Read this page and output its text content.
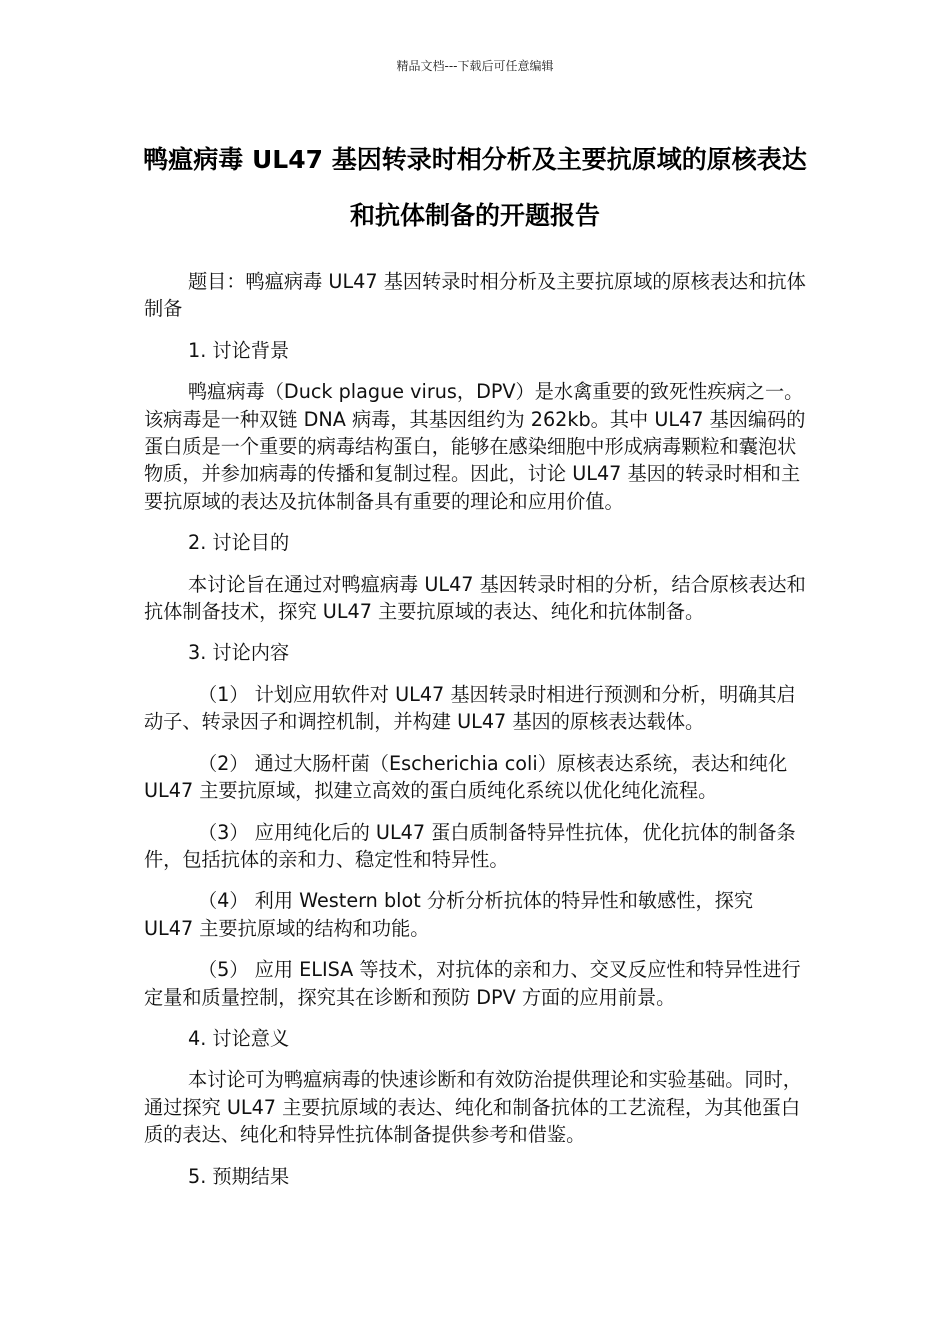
精品文档---下载后可任意编辑
鸭瘟病毒 UL47 基因转录时相分析及主要抗原域的原核表达和抗体制备的开题报告

题目：鸭瘟病毒 UL47 基因转录时相分析及主要抗原域的原核表达和抗体制备

1. 讨论背景

鸭瘟病毒（Duck plague virus，DPV）是水禽重要的致死性疾病之一。该病毒是一种双链 DNA 病毒，其基因组约为 262kb。其中 UL47 基因编码的蛋白质是一个重要的病毒结构蛋白，能够在感染细胞中形成病毒颗粒和囊泡状物质，并参加病毒的传播和复制过程。因此，讨论 UL47 基因的转录时相和主要抗原域的表达及抗体制备具有重要的理论和应用价值。

2. 讨论目的

本讨论旨在通过对鸭瘟病毒 UL47 基因转录时相的分析，结合原核表达和抗体制备技术，探究 UL47 主要抗原域的表达、纯化和抗体制备。

3. 讨论内容

（1） 计划应用软件对 UL47 基因转录时相进行预测和分析，明确其启动子、转录因子和调控机制，并构建 UL47 基因的原核表达载体。

（2） 通过大肠杆菌（Escherichia coli）原核表达系统，表达和纯化 UL47 主要抗原域，拟建立高效的蛋白质纯化系统以优化纯化流程。

（3） 应用纯化后的 UL47 蛋白质制备特异性抗体，优化抗体的制备条件，包括抗体的亲和力、稳定性和特异性。

（4） 利用 Western blot 分析分析抗体的特异性和敏感性，探究 UL47 主要抗原域的结构和功能。

（5） 应用 ELISA 等技术，对抗体的亲和力、交叉反应性和特异性进行定量和质量控制，探究其在诊断和预防 DPV 方面的应用前景。

4. 讨论意义

本讨论可为鸭瘟病毒的快速诊断和有效防治提供理论和实验基础。同时，通过探究 UL47 主要抗原域的表达、纯化和制备抗体的工艺流程，为其他蛋白质的表达、纯化和特异性抗体制备提供参考和借鉴。

5. 预期结果
